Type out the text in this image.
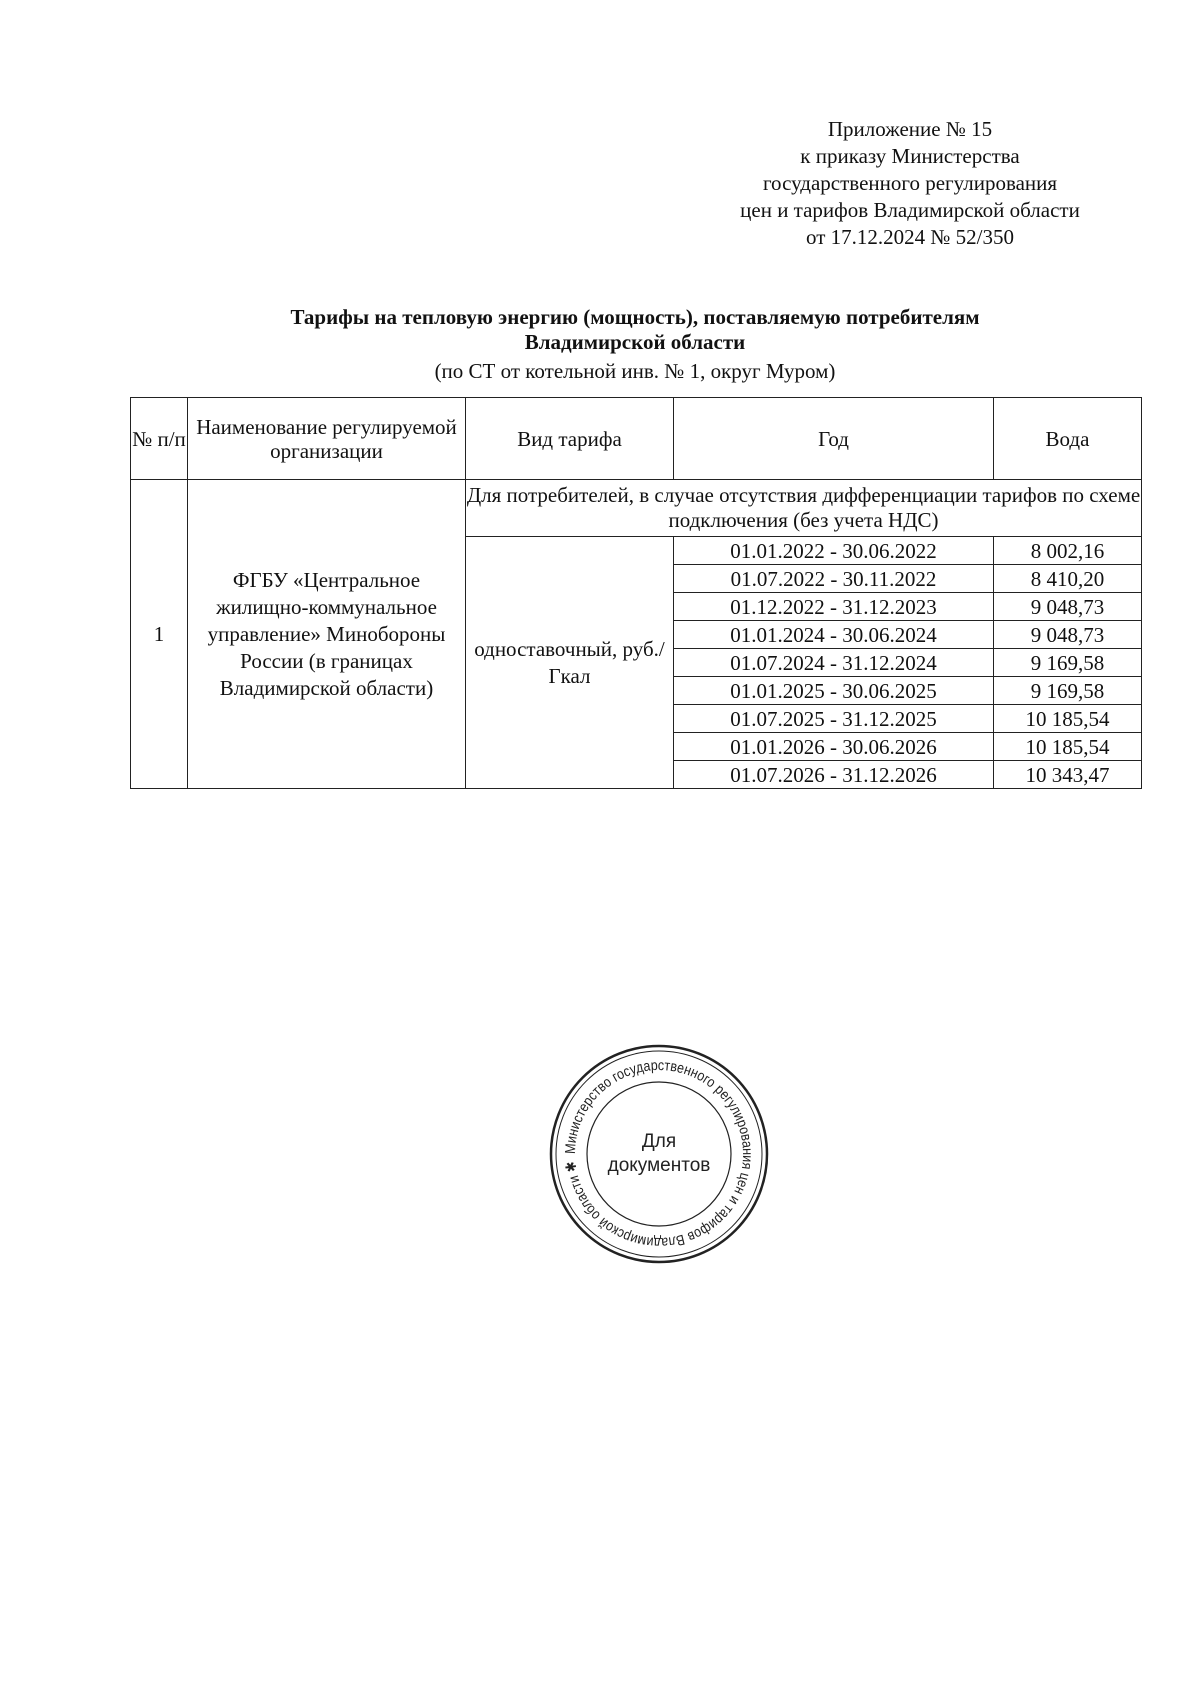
Приложение № 15
к приказу Министерства
государственного регулирования
цен и тарифов Владимирской области
от 17.12.2024 № 52/350
Тарифы на тепловую энергию (мощность), поставляемую потребителям
Владимирской области
(по СТ от котельной инв. № 1, округ Муром)
№ п/п	Наименование регулируемой организации	Вид тарифа	Год	Вода
1	ФГБУ «Центральное жилищно-коммунальное управление» Минобороны России (в границах Владимирской области)	Для потребителей, в случае отсутствия дифференциации тарифов по схеме подключения (без учета НДС)		
		одноставочный, руб./Гкал	01.01.2022 - 30.06.2022	8 002,16
			01.07.2022 - 30.11.2022	8 410,20
			01.12.2022 - 31.12.2023	9 048,73
			01.01.2024 - 30.06.2024	9 048,73
			01.07.2024 - 31.12.2024	9 169,58
			01.01.2025 - 30.06.2025	9 169,58
			01.07.2025 - 31.12.2025	10 185,54
			01.01.2026 - 30.06.2026	10 185,54
			01.07.2026 - 31.12.2026	10 343,47
Министерство государственного регулирования цен и тарифов Владимирской области ✱
Для
документов
